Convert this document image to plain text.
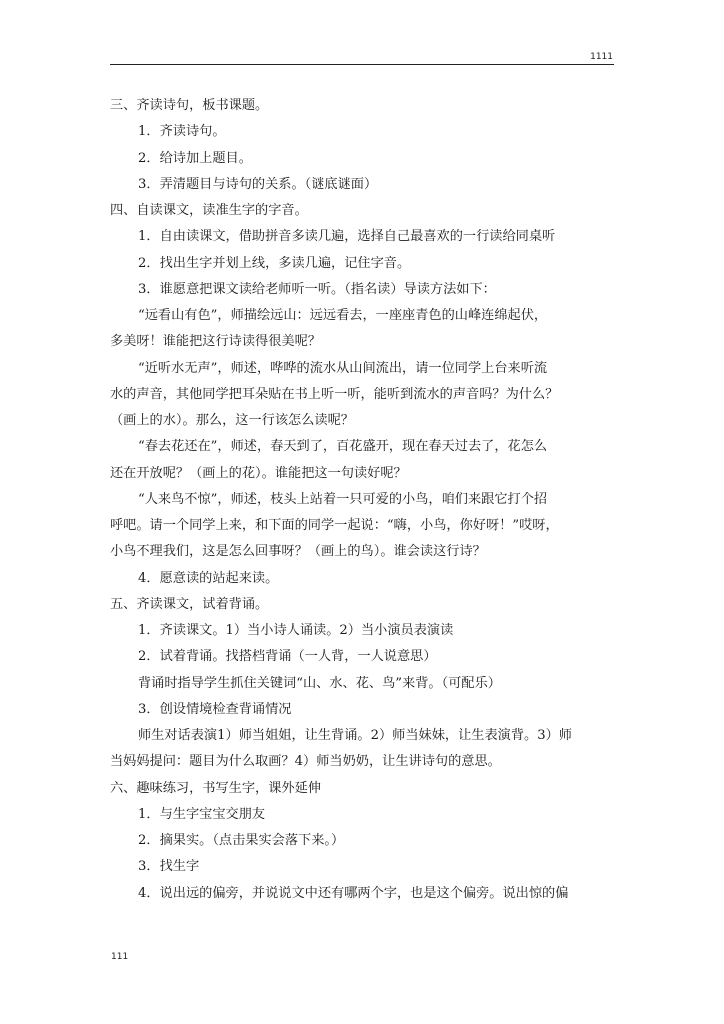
1111
三、齐读诗句，板书课题。
1．齐读诗句。
2．给诗加上题目。
3．弄清题目与诗句的关系。（谜底谜面）
四、自读课文，读准生字的字音。
1．自由读课文，借助拼音多读几遍，选择自己最喜欢的一行读给同桌听
2．找出生字并划上线，多读几遍，记住字音。
3．谁愿意把课文读给老师听一听。（指名读）导读方法如下：
“远看山有色”，师描绘远山：远远看去，一座座青色的山峰连绵起伏，
多美呀！谁能把这行诗读得很美呢？
“近听水无声”，师述，哗哗的流水从山间流出，请一位同学上台来听流
水的声音，其他同学把耳朵贴在书上听一听，能听到流水的声音吗？为什么？
（画上的水）。那么，这一行该怎么读呢？
“春去花还在”，师述，春天到了，百花盛开，现在春天过去了，花怎么
还在开放呢？（画上的花）。谁能把这一句读好呢？
“人来鸟不惊”，师述，枝头上站着一只可爱的小鸟，咱们来跟它打个招
呼吧。请一个同学上来，和下面的同学一起说：“嗨，小鸟，你好呀！”哎呀，
小鸟不理我们，这是怎么回事呀？（画上的鸟）。谁会读这行诗？
4．愿意读的站起来读。
五、齐读课文，试着背诵。
1．齐读课文。1）当小诗人诵读。2）当小演员表演读
2．试着背诵。找搭档背诵（一人背，一人说意思）
背诵时指导学生抓住关键词“山、水、花、鸟”来背。（可配乐）
3．创设情境检查背诵情况
师生对话表演1）师当姐姐，让生背诵。2）师当妹妹，让生表演背。3）师
当妈妈提问：题目为什么取画？4）师当奶奶，让生讲诗句的意思。
六、趣味练习，书写生字，课外延伸
1．与生字宝宝交朋友
2．摘果实。（点击果实会落下来。）
3．找生字
4．说出远的偏旁，并说说文中还有哪两个字，也是这个偏旁。说出惊的偏
111
